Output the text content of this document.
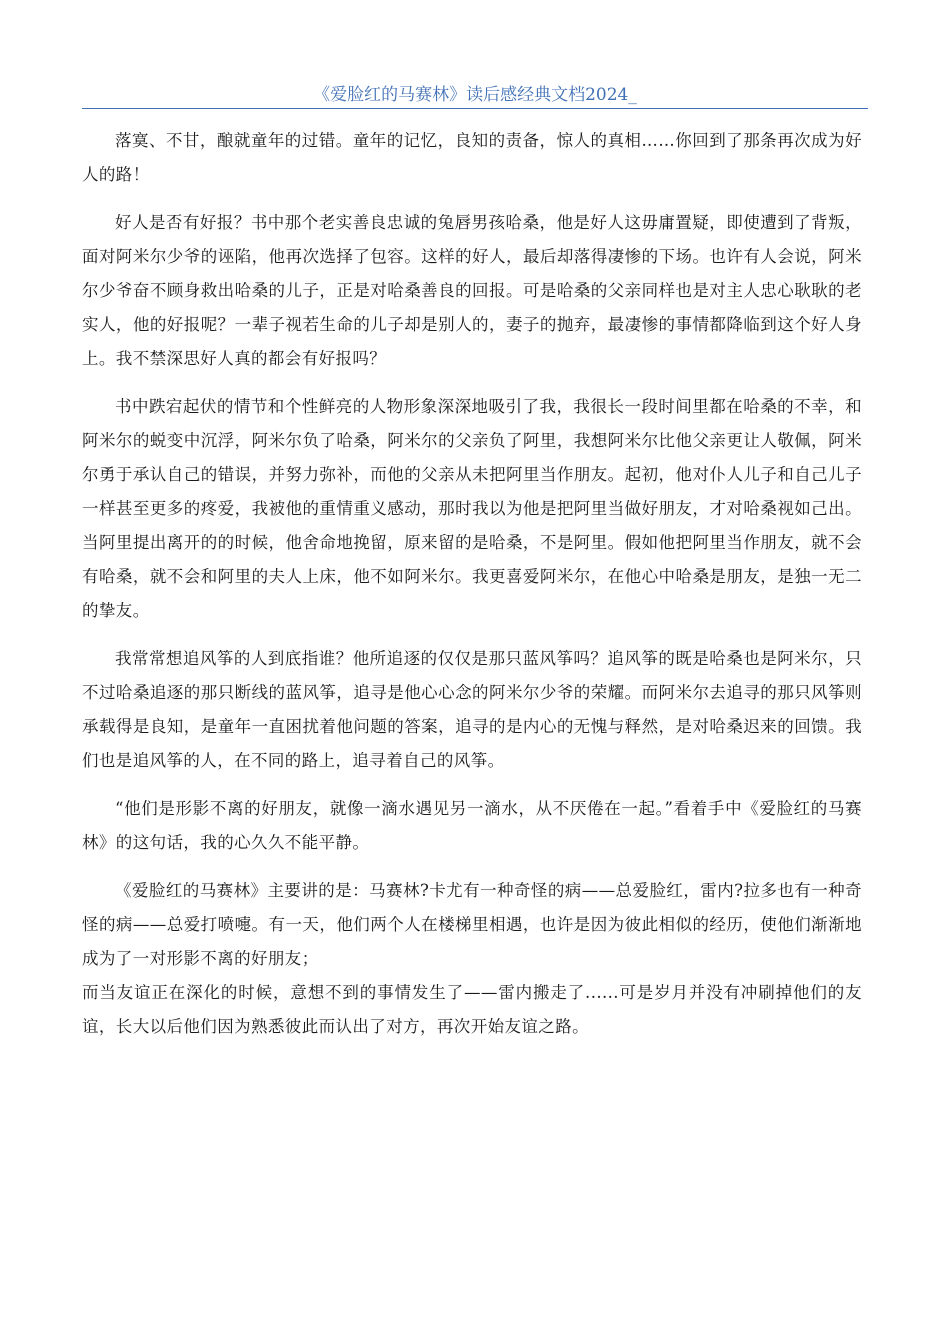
《爱脸红的马赛林》读后感经典文档2024_

落寞、不甘，酿就童年的过错。童年的记忆，良知的责备，惊人的真相……你回到了那条再次成为好人的路！

好人是否有好报？书中那个老实善良忠诚的兔唇男孩哈桑，他是好人这毋庸置疑，即使遭到了背叛，面对阿米尔少爷的诬陷，他再次选择了包容。这样的好人，最后却落得凄惨的下场。也许有人会说，阿米尔少爷奋不顾身救出哈桑的儿子，正是对哈桑善良的回报。可是哈桑的父亲同样也是对主人忠心耿耿的老实人，他的好报呢？一辈子视若生命的儿子却是别人的，妻子的抛弃，最凄惨的事情都降临到这个好人身上。我不禁深思好人真的都会有好报吗？

书中跌宕起伏的情节和个性鲜亮的人物形象深深地吸引了我，我很长一段时间里都在哈桑的不幸，和阿米尔的蜕变中沉浮，阿米尔负了哈桑，阿米尔的父亲负了阿里，我想阿米尔比他父亲更让人敬佩，阿米尔勇于承认自己的错误，并努力弥补，而他的父亲从未把阿里当作朋友。起初，他对仆人儿子和自己儿子一样甚至更多的疼爱，我被他的重情重义感动，那时我以为他是把阿里当做好朋友，才对哈桑视如己出。当阿里提出离开的的时候，他舍命地挽留，原来留的是哈桑，不是阿里。假如他把阿里当作朋友，就不会有哈桑，就不会和阿里的夫人上床，他不如阿米尔。我更喜爱阿米尔，在他心中哈桑是朋友，是独一无二的挚友。

我常常想追风筝的人到底指谁？他所追逐的仅仅是那只蓝风筝吗？追风筝的既是哈桑也是阿米尔，只不过哈桑追逐的那只断线的蓝风筝，追寻是他心心念的阿米尔少爷的荣耀。而阿米尔去追寻的那只风筝则承载得是良知，是童年一直困扰着他问题的答案，追寻的是内心的无愧与释然，是对哈桑迟来的回馈。我们也是追风筝的人，在不同的路上，追寻着自己的风筝。

“他们是形影不离的好朋友，就像一滴水遇见另一滴水，从不厌倦在一起。”看着手中《爱脸红的马赛林》的这句话，我的心久久不能平静。

《爱脸红的马赛林》主要讲的是：马赛林?卡尤有一种奇怪的病——总爱脸红，雷内?拉多也有一种奇怪的病——总爱打喷嚏。有一天，他们两个人在楼梯里相遇，也许是因为彼此相似的经历，使他们渐渐地成为了一对形影不离的好朋友；

而当友谊正在深化的时候，意想不到的事情发生了——雷内搬走了......可是岁月并没有冲刷掉他们的友谊，长大以后他们因为熟悉彼此而认出了对方，再次开始友谊之路。
